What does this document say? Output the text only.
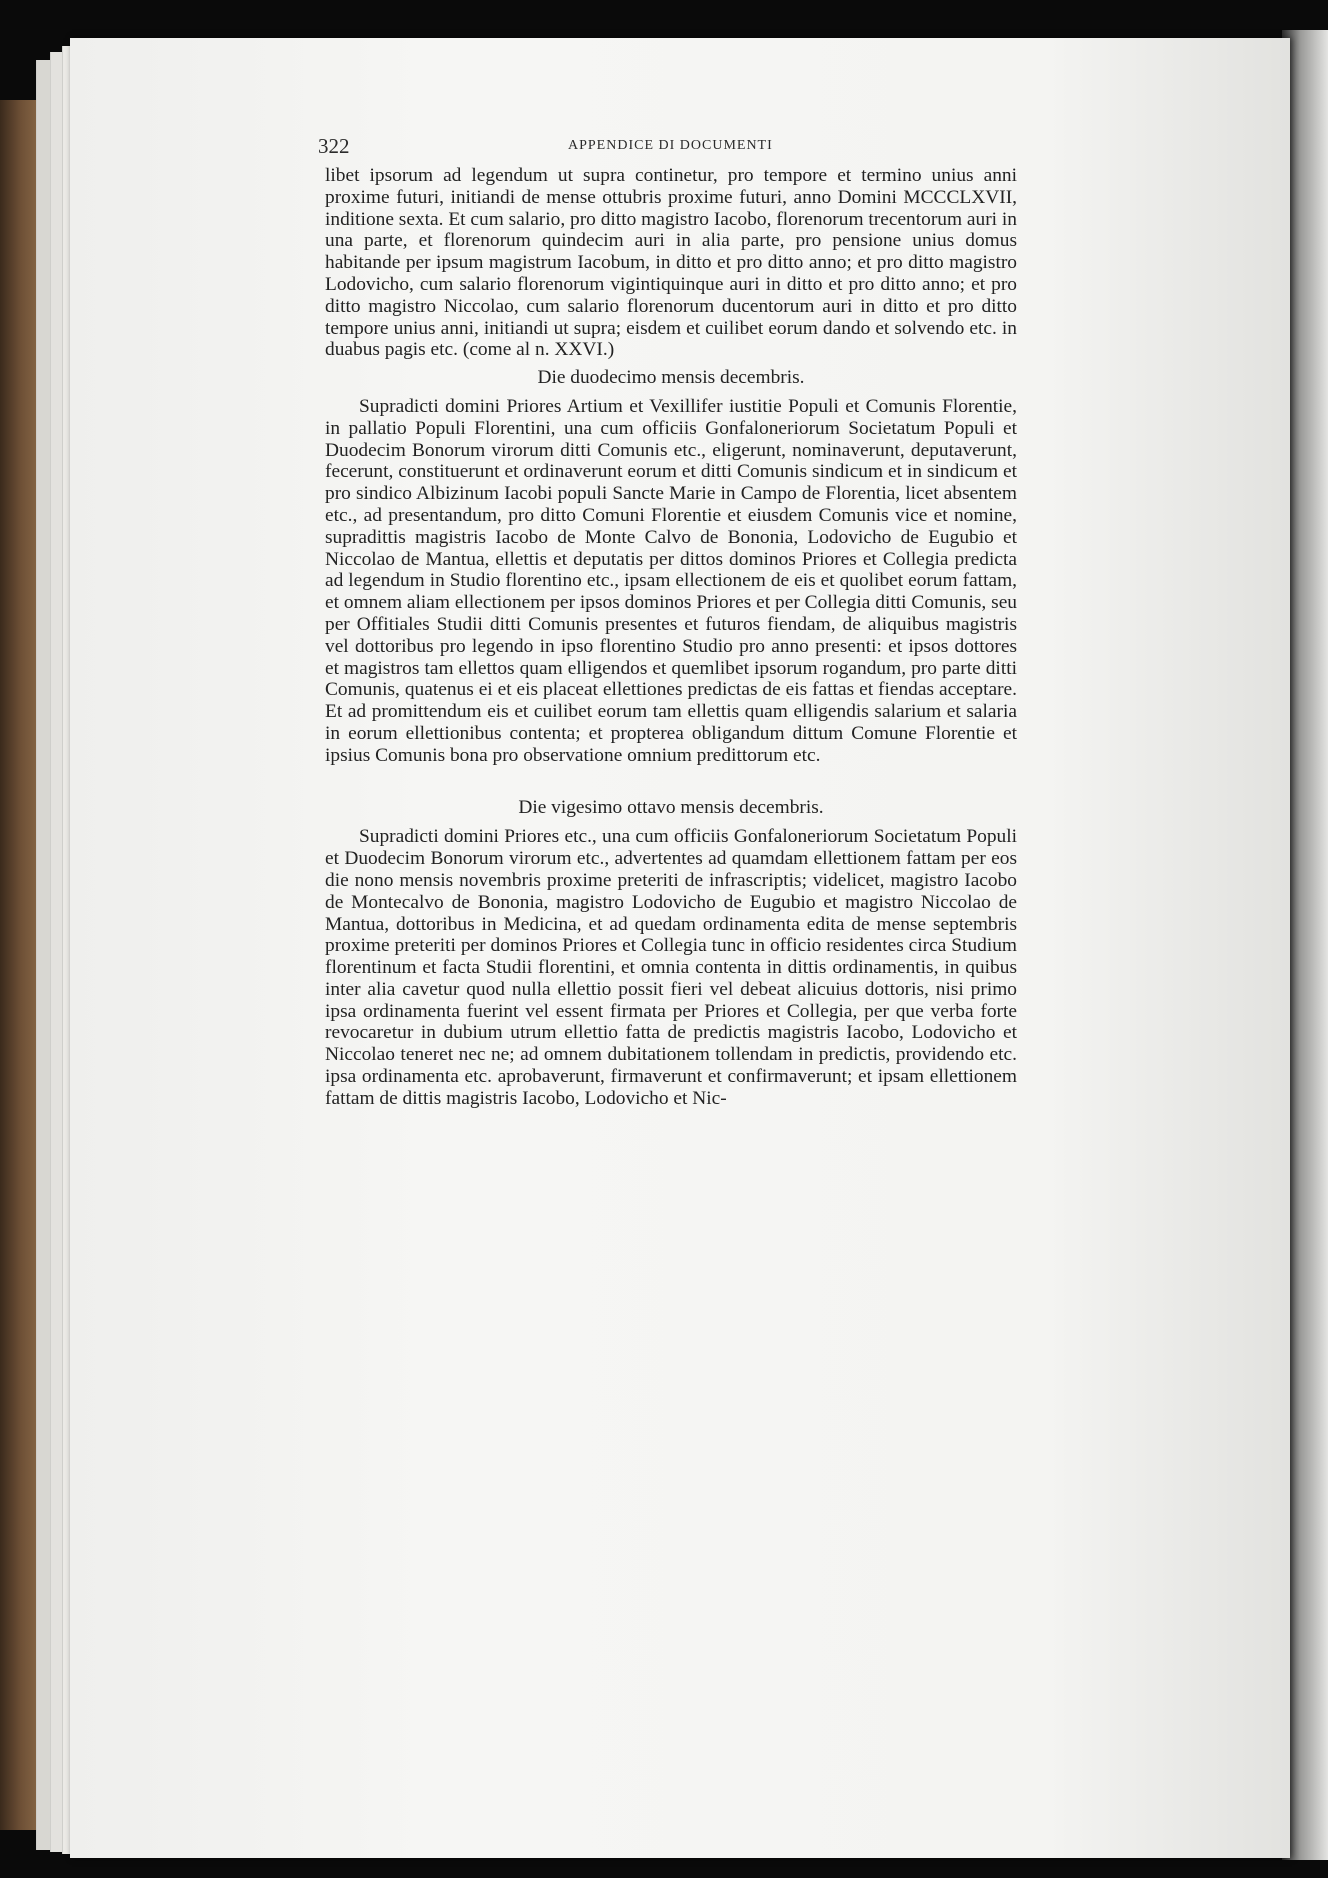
322	APPENDICE DI DOCUMENTI

libet ipsorum ad legendum ut supra continetur, pro tempore et termino unius anni proxime futuri, initiandi de mense ottubris proxime futuri, anno Domini MCCCLXVII, inditione sexta. Et cum salario, pro ditto magistro Iacobo, florenorum trecentorum auri in una parte, et florenorum quindecim auri in alia parte, pro pensione unius domus habitande per ipsum magistrum Iacobum, in ditto et pro ditto anno; et pro ditto magistro Lodovicho, cum salario florenorum vigintiquinque auri in ditto et pro ditto anno; et pro ditto magistro Niccolao, cum salario florenorum ducentorum auri in ditto et pro ditto tempore unius anni, initiandi ut supra; eisdem et cuilibet eorum dando et solvendo etc. in duabus pagis etc. (come al n. XXVI.)

Die duodecimo mensis decembris.

Supradicti domini Priores Artium et Vexillifer iustitie Populi et Comunis Florentie, in pallatio Populi Florentini, una cum officiis Gonfaloneriorum Societatum Populi et Duodecim Bonorum virorum ditti Comunis etc., eligerunt, nominaverunt, deputaverunt, fecerunt, constituerunt et ordinaverunt eorum et ditti Comunis sindicum et in sindicum et pro sindico Albizinum Iacobi populi Sancte Marie in Campo de Florentia, licet absentem etc., ad presentandum, pro ditto Comuni Florentie et eiusdem Comunis vice et nomine, supradittis magistris Iacobo de Monte Calvo de Bononia, Lodovicho de Eugubio et Niccolao de Mantua, ellettis et deputatis per dittos dominos Priores et Collegia predicta ad legendum in Studio florentino etc., ipsam ellectionem de eis et quolibet eorum fattam, et omnem aliam ellectionem per ipsos dominos Priores et per Collegia ditti Comunis, seu per Offitiales Studii ditti Comunis presentes et futuros fiendam, de aliquibus magistris vel dottoribus pro legendo in ipso florentino Studio pro anno presenti: et ipsos dottores et magistros tam ellettos quam elligendos et quemlibet ipsorum rogandum, pro parte ditti Comunis, quatenus ei et eis placeat ellettiones predictas de eis fattas et fiendas acceptare. Et ad promittendum eis et cuilibet eorum tam ellettis quam elligendis salarium et salaria in eorum ellettionibus contenta; et propterea obligandum dittum Comune Florentie et ipsius Comunis bona pro observatione omnium predittorum etc.

Die vigesimo ottavo mensis decembris.

Supradicti domini Priores etc., una cum officiis Gonfaloneriorum Societatum Populi et Duodecim Bonorum virorum etc., advertentes ad quamdam ellettionem fattam per eos die nono mensis novembris proxime preteriti de infrascriptis; videlicet, magistro Iacobo de Montecalvo de Bononia, magistro Lodovicho de Eugubio et magistro Niccolao de Mantua, dottoribus in Medicina, et ad quedam ordinamenta edita de mense septembris proxime preteriti per dominos Priores et Collegia tunc in officio residentes circa Studium florentinum et facta Studii florentini, et omnia contenta in dittis ordinamentis, in quibus inter alia cavetur quod nulla ellettio possit fieri vel debeat alicuius dottoris, nisi primo ipsa ordinamenta fuerint vel essent firmata per Priores et Collegia, per que verba forte revocaretur in dubium utrum ellettio fatta de predictis magistris Iacobo, Lodovicho et Niccolao teneret nec ne; ad omnem dubitationem tollendam in predictis, providendo etc. ipsa ordinamenta etc. aprobaverunt, firmaverunt et confirmaverunt; et ipsam ellettionem fattam de dittis magistris Iacobo, Lodovicho et Nic-
